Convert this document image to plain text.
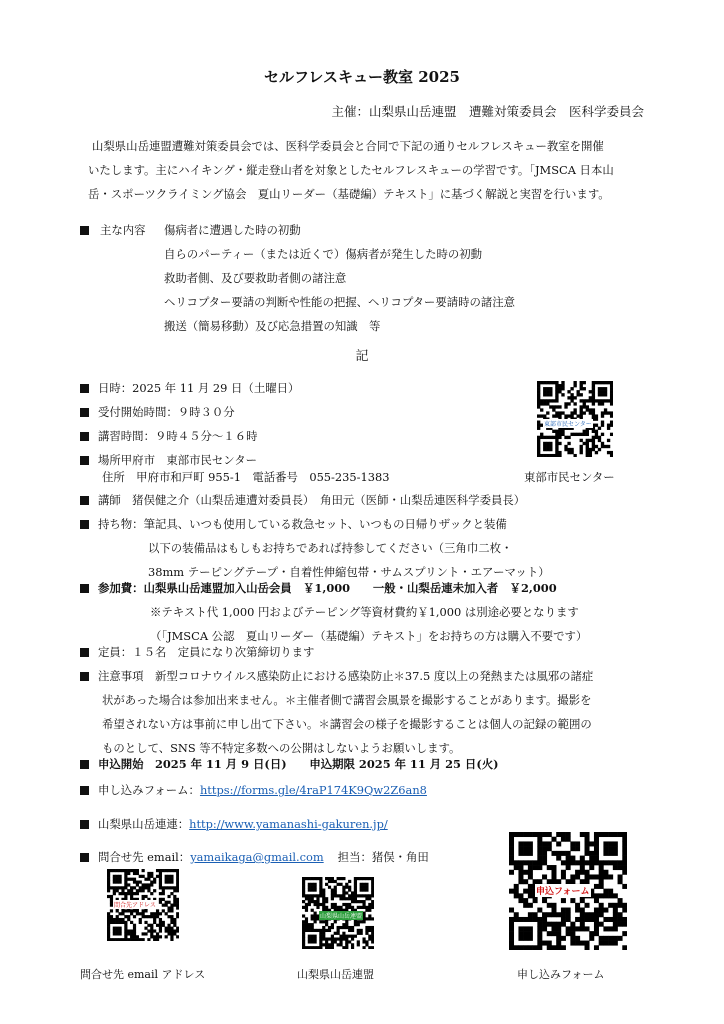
セルフレスキュー教室 2025
主催：山梨県山岳連盟　遭難対策委員会　医科学委員会
山梨県山岳連盟遭難対策委員会では、医科学委員会と合同で下記の通りセルフレスキュー教室を開催
いたします。主にハイキング・縦走登山者を対象としたセルフレスキューの学習です。「JMSCA 日本山
岳・スポーツクライミング協会　夏山リーダー（基礎編）テキスト」に基づく解説と実習を行います。
主な内容 傷病者に遭遇した時の初動
自らのパーティー（または近くで）傷病者が発生した時の初動
救助者側、及び要救助者側の諸注意
ヘリコプター要請の判断や性能の把握、ヘリコプター要請時の諸注意
搬送（簡易移動）及び応急措置の知識　等
記
日時：2025 年 11 月 29 日（土曜日）
受付開始時間：９時３０分
講習時間：９時４５分～１６時
場所甲府市　東部市民センター
住所　甲府市和戸町 955-1　電話番号　055-235-1383	東部市民センター
講師　猪俣健之介（山梨岳連遭対委員長）　角田元（医師・山梨岳連医科学委員長）
持ち物：筆記具、いつも使用している救急セット、いつもの日帰りザックと装備
以下の装備品はもしもお持ちであれば持参してください（三角巾二枚・
38mm テーピングテープ・自着性伸縮包帯・サムスプリント・エアーマット）
参加費：山梨県山岳連盟加入山岳会員　￥1,000　　一般・山梨岳連未加入者　￥2,000
※テキスト代 1,000 円およびテーピング等資材費約￥1,000 は別途必要となります
（「JMSCA 公認　夏山リーダー（基礎編）テキスト」をお持ちの方は購入不要です）
定員：１５名　定員になり次第締切ります
注意事項　新型コロナウイルス感染防止における感染防止＊37.5 度以上の発熱または風邪の諸症
状があった場合は参加出来ません。＊主催者側で講習会風景を撮影することがあります。撮影を
希望されない方は事前に申し出て下さい。＊講習会の様子を撮影することは個人の記録の範囲の
ものとして、SNS 等不特定多数への公開はしないようお願いします。
申込開始　2025 年 11 月 9 日(日)　　申込期限 2025 年 11 月 25 日(火)
申し込みフォーム：https://forms.gle/4raP174K9Qw2Z6an8
山梨県山岳連連：http://www.yamanashi-gakuren.jp/
問合せ先 email：yamaikaga@gmail.com 担当：猪俣・角田
東部市民センター
問合先アドレス
山梨県山岳連盟
申込フォーム
問合せ先 email アドレス	山梨県山岳連盟	申し込みフォーム
